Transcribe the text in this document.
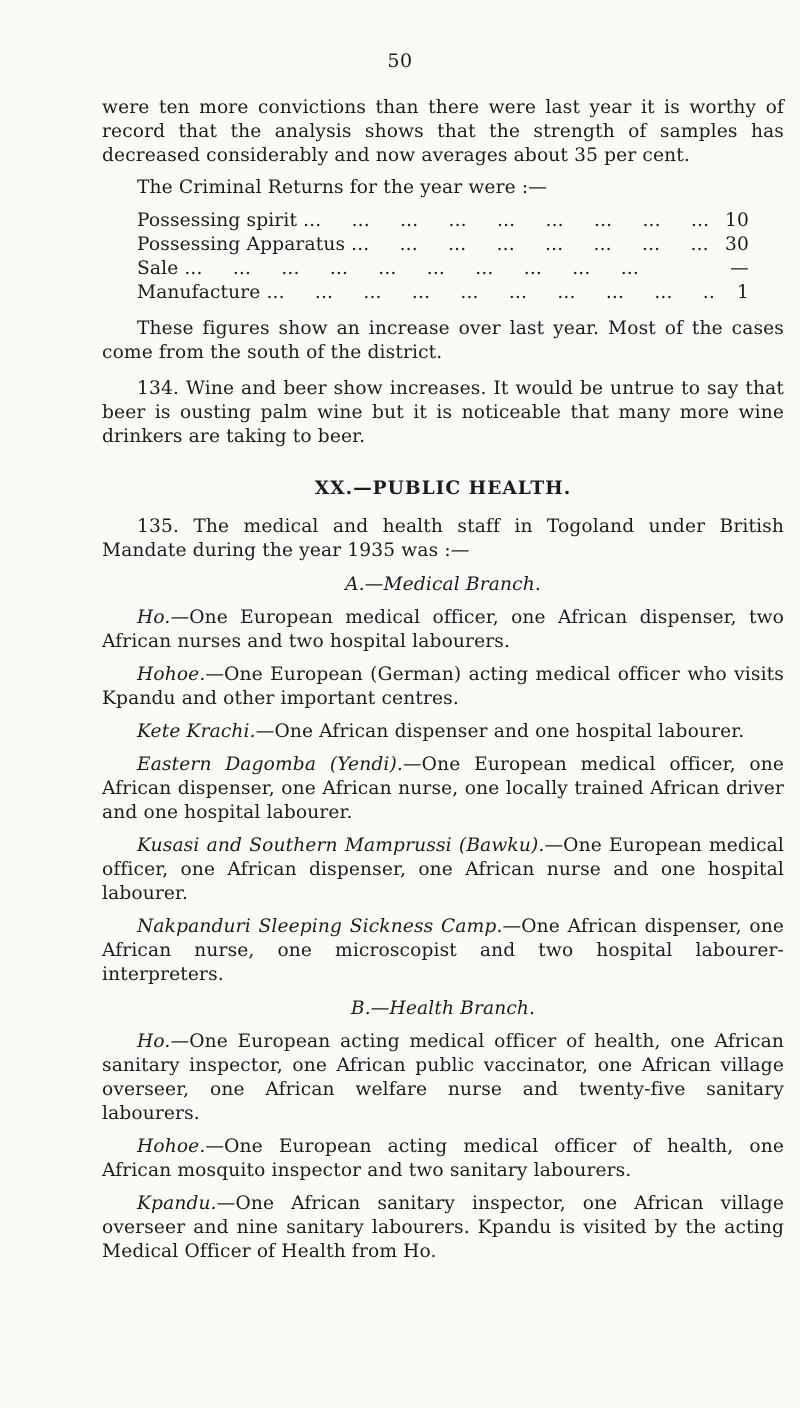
50

were ten more convictions than there were last year it is worthy of record that the analysis shows that the strength of samples has decreased considerably and now averages about 35 per cent.

The Criminal Returns for the year were :—

Possessing spirit ...	10
Possessing Apparatus ...	30
Sale ...	—
Manufacture ...	1

These figures show an increase over last year. Most of the cases come from the south of the district.

134. Wine and beer show increases. It would be untrue to say that beer is ousting palm wine but it is noticeable that many more wine drinkers are taking to beer.

XX.—PUBLIC HEALTH.

135. The medical and health staff in Togoland under British Mandate during the year 1935 was :—

A.—Medical Branch.

Ho.—One European medical officer, one African dispenser, two African nurses and two hospital labourers.

Hohoe.—One European (German) acting medical officer who visits Kpandu and other important centres.

Kete Krachi.—One African dispenser and one hospital labourer.

Eastern Dagomba (Yendi).—One European medical officer, one African dispenser, one African nurse, one locally trained African driver and one hospital labourer.

Kusasi and Southern Mamprussi (Bawku).—One European medical officer, one African dispenser, one African nurse and one hospital labourer.

Nakpanduri Sleeping Sickness Camp.—One African dispenser, one African nurse, one microscopist and two hospital labourer-interpreters.

B.—Health Branch.

Ho.—One European acting medical officer of health, one African sanitary inspector, one African public vaccinator, one African village overseer, one African welfare nurse and twenty-five sanitary labourers.

Hohoe.—One European acting medical officer of health, one African mosquito inspector and two sanitary labourers.

Kpandu.—One African sanitary inspector, one African village overseer and nine sanitary labourers. Kpandu is visited by the acting Medical Officer of Health from Ho.
